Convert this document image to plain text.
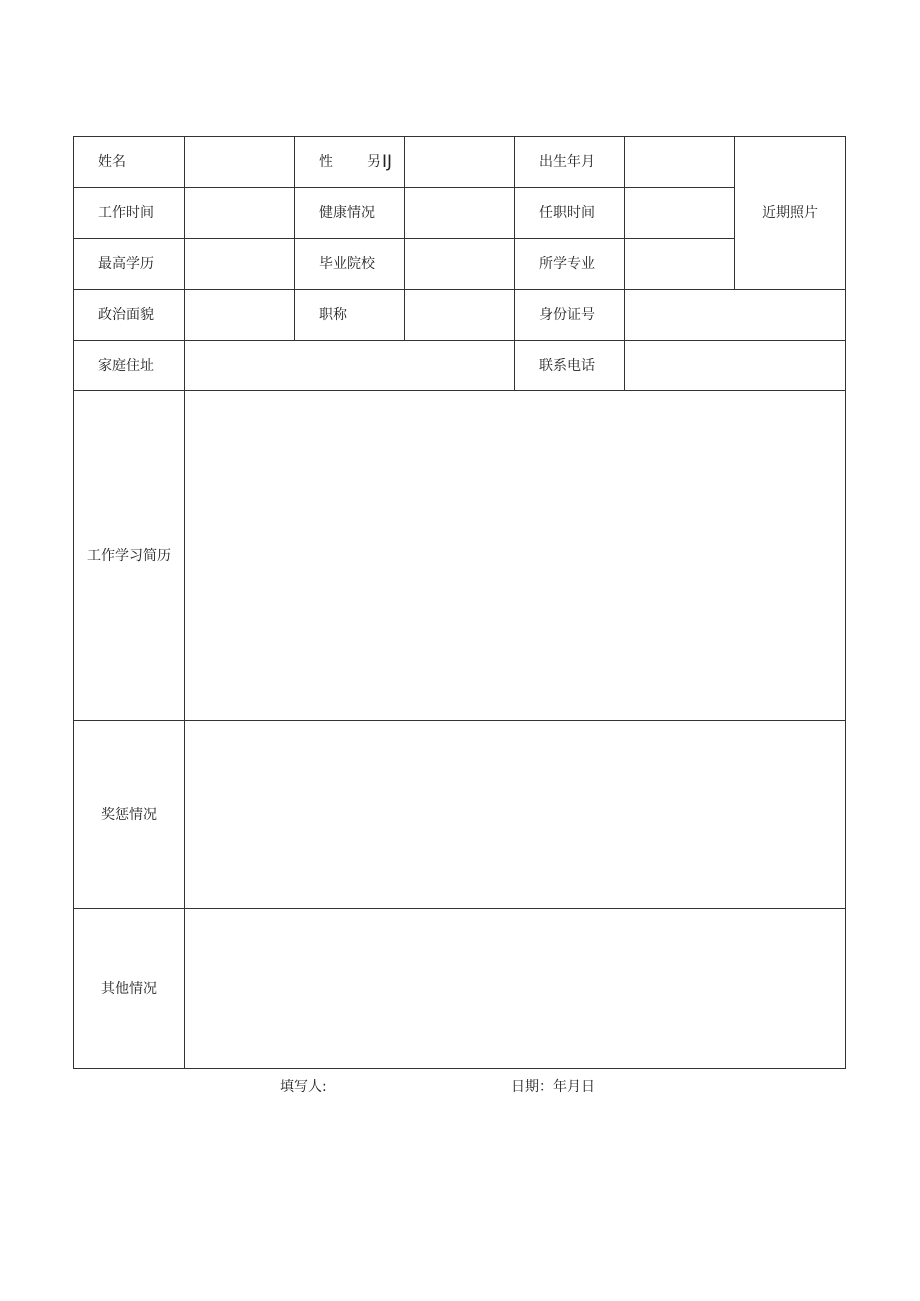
姓名	性 另 IJ	出生年月
近期照片
工作时间	健康情况	任职时间
最高学历	毕业院校	所学专业
政治面貌	职称	身份证号
家庭住址	联系电话
工作学习简历
奖惩情况
其他情况
填写人:	日期：年月日
